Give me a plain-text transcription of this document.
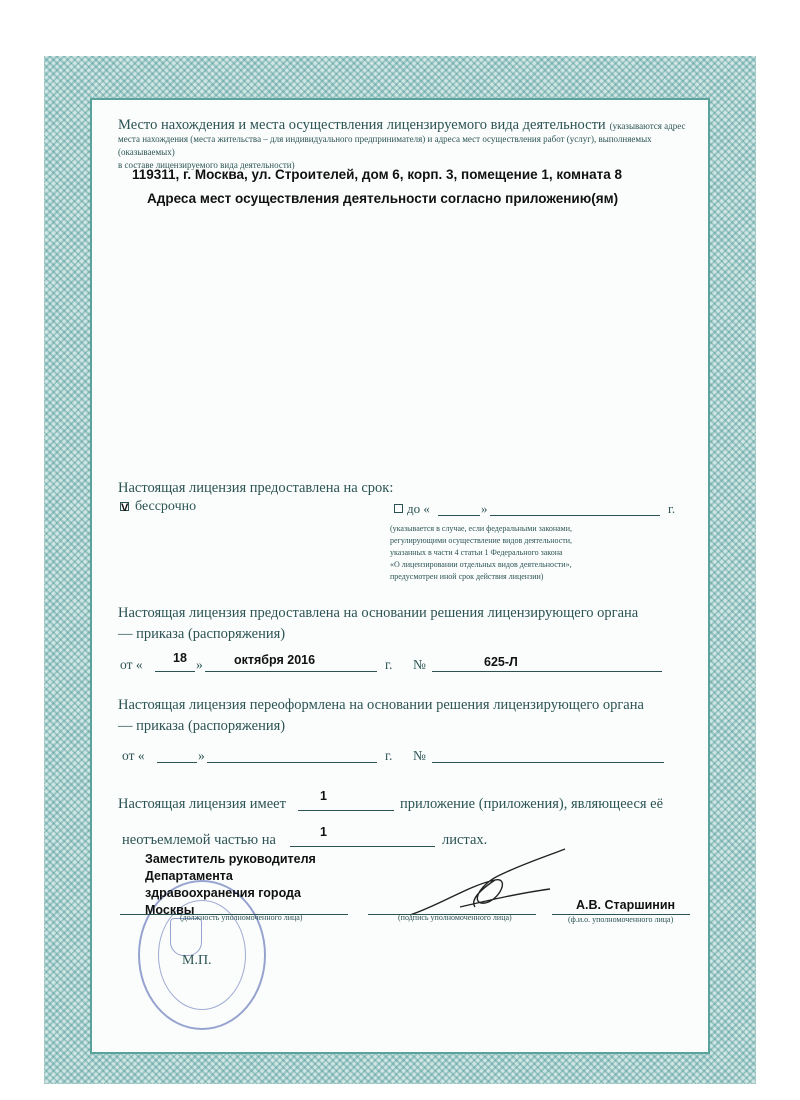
Место нахождения и места осуществления лицензируемого вида деятельности (указываются адрес
места нахождения (места жительства – для индивидуального предпринимателя) и адреса мест осуществления работ (услуг), выполняемых (оказываемых)
в составе лицензируемого вида деятельности)
119311, г. Москва, ул. Строителей, дом 6, корп. 3, помещение 1, комната 8
Адреса мест осуществления деятельности согласно приложению(ям)
Настоящая лицензия предоставлена на срок:
V бессрочно	до «	»	г.
(указывается в случае, если федеральными законами,
регулирующими осуществление видов деятельности,
указанных в части 4 статьи 1 Федерального закона
«О лицензировании отдельных видов деятельности»,
предусмотрен иной срок действия лицензии)
Настоящая лицензия предоставлена на основании решения лицензирующего органа
— приказа (распоряжения)
от « 18 »	октября 2016	г. №	625-Л
Настоящая лицензия переоформлена на основании решения лицензирующего органа
— приказа (распоряжения)
от «	»	г. №
Настоящая лицензия имеет	1	приложение (приложения), являющееся её
неотъемлемой частью на	1	листах.
Заместитель руководителя
Департамента
здравоохранения города
Москвы
(должность уполномоченного лица)	(подпись уполномоченного лица)
А.В. Старшинин
(ф.и.о. уполномоченного лица)
М.П.
